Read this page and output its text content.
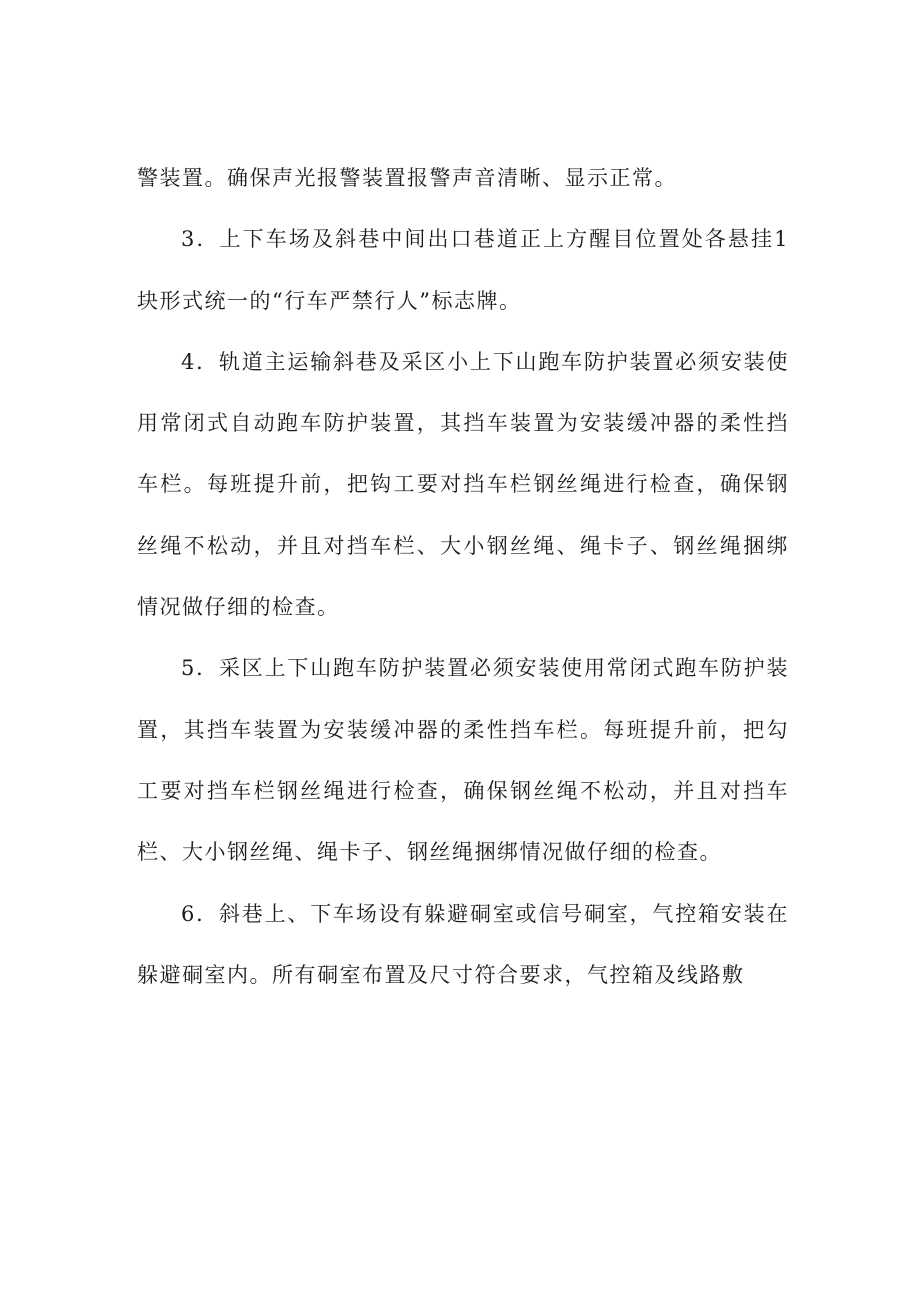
警装置。确保声光报警装置报警声音清晰、显示正常。

3．上下车场及斜巷中间出口巷道正上方醒目位置处各悬挂1块形式统一的“行车严禁行人”标志牌。

4．轨道主运输斜巷及采区小上下山跑车防护装置必须安装使用常闭式自动跑车防护装置，其挡车装置为安装缓冲器的柔性挡车栏。每班提升前，把钩工要对挡车栏钢丝绳进行检查，确保钢丝绳不松动，并且对挡车栏、大小钢丝绳、绳卡子、钢丝绳捆绑情况做仔细的检查。

5．采区上下山跑车防护装置必须安装使用常闭式跑车防护装置，其挡车装置为安装缓冲器的柔性挡车栏。每班提升前，把勾工要对挡车栏钢丝绳进行检查，确保钢丝绳不松动，并且对挡车栏、大小钢丝绳、绳卡子、钢丝绳捆绑情况做仔细的检查。

6．斜巷上、下车场设有躲避硐室或信号硐室，气控箱安装在躲避硐室内。所有硐室布置及尺寸符合要求，气控箱及线路敷
